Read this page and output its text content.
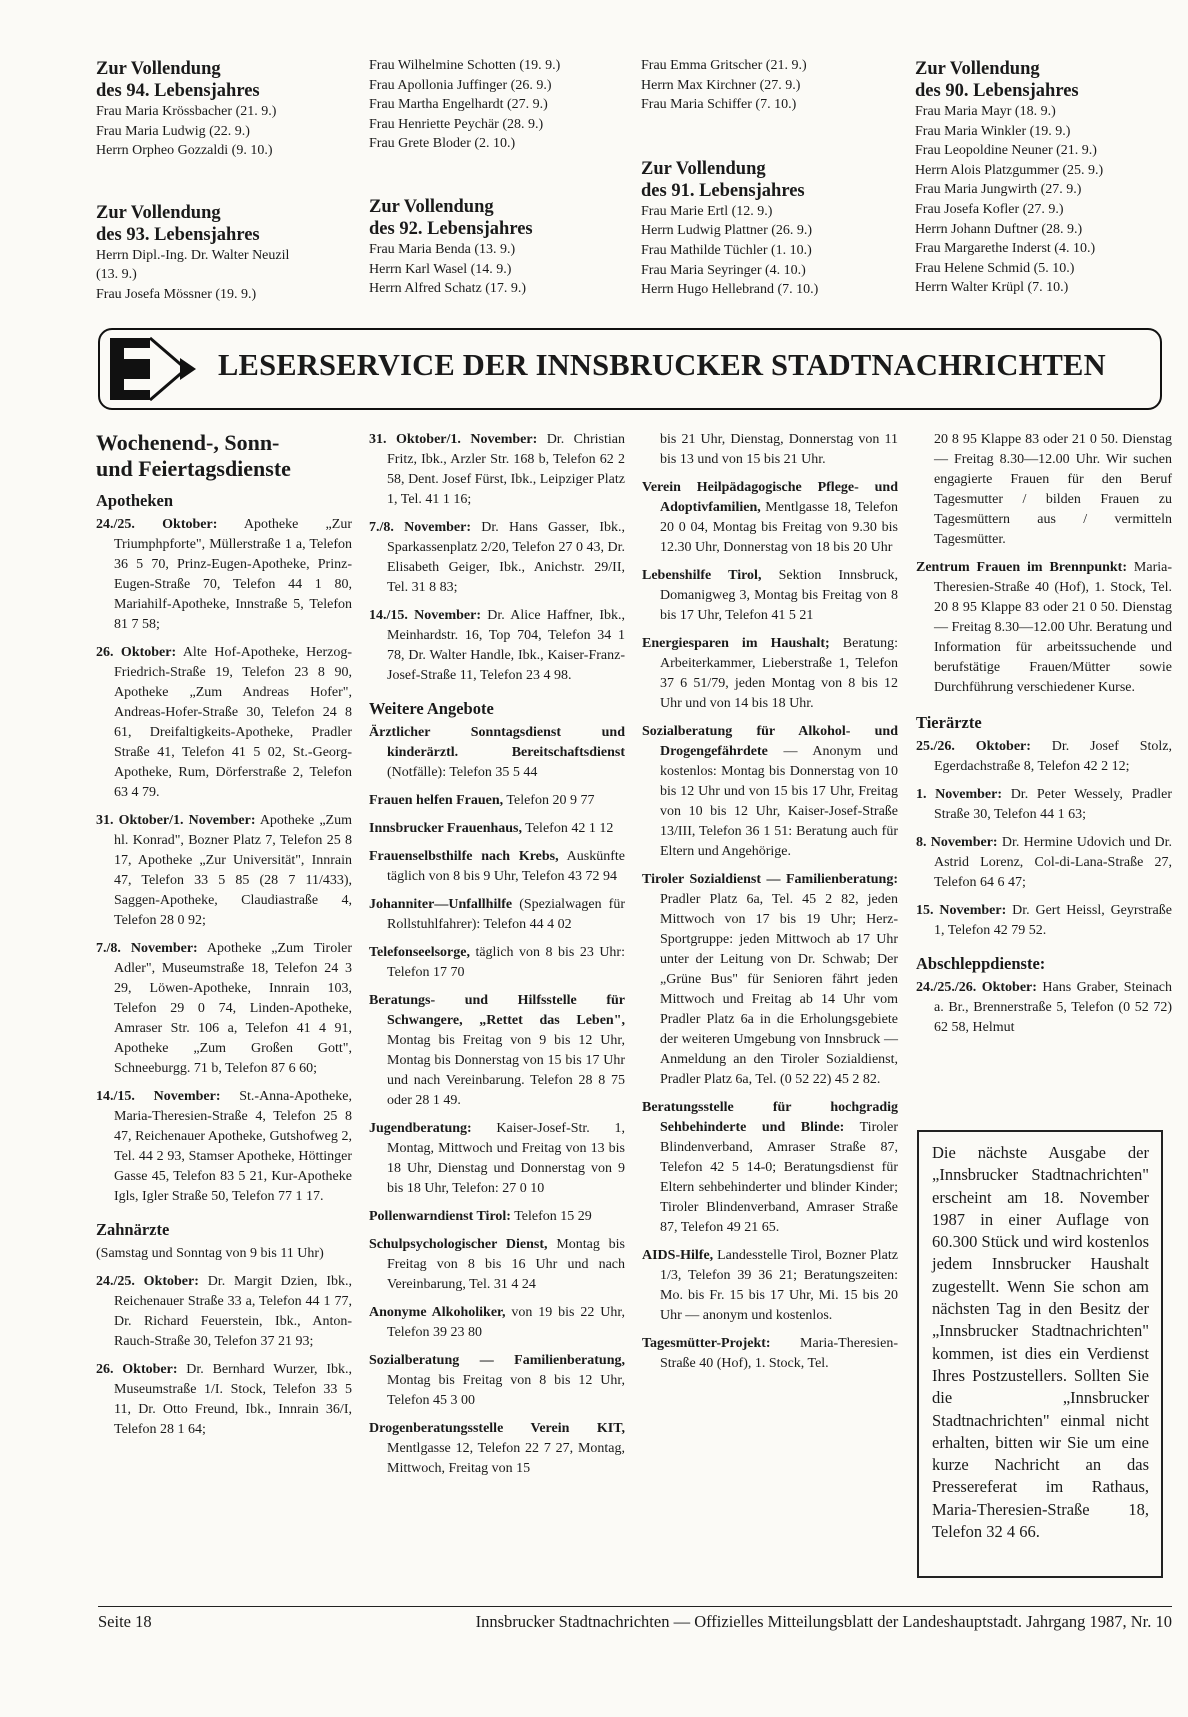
Zur Vollendung
des 94. Lebensjahres
Frau Maria Krössbacher (21. 9.)
Frau Maria Ludwig (22. 9.)
Herrn Orpheo Gozzaldi (9. 10.)
Zur Vollendung
des 93. Lebensjahres
Herrn Dipl.-Ing. Dr. Walter Neuzil
(13. 9.)
Frau Josefa Mössner (19. 9.)
Frau Wilhelmine Schotten (19. 9.)
Frau Apollonia Juffinger (26. 9.)
Frau Martha Engelhardt (27. 9.)
Frau Henriette Peychär (28. 9.)
Frau Grete Bloder (2. 10.)
Zur Vollendung
des 92. Lebensjahres
Frau Maria Benda (13. 9.)
Herrn Karl Wasel (14. 9.)
Herrn Alfred Schatz (17. 9.)
Frau Emma Gritscher (21. 9.)
Herrn Max Kirchner (27. 9.)
Frau Maria Schiffer (7. 10.)
Zur Vollendung
des 91. Lebensjahres
Frau Marie Ertl (12. 9.)
Herrn Ludwig Plattner (26. 9.)
Frau Mathilde Tüchler (1. 10.)
Frau Maria Seyringer (4. 10.)
Herrn Hugo Hellebrand (7. 10.)
Zur Vollendung
des 90. Lebensjahres
Frau Maria Mayr (18. 9.)
Frau Maria Winkler (19. 9.)
Frau Leopoldine Neuner (21. 9.)
Herrn Alois Platzgummer (25. 9.)
Frau Maria Jungwirth (27. 9.)
Frau Josefa Kofler (27. 9.)
Herrn Johann Duftner (28. 9.)
Frau Margarethe Inderst (4. 10.)
Frau Helene Schmid (5. 10.)
Herrn Walter Krüpl (7. 10.)
LESERSERVICE DER INNSBRUCKER STADTNACHRICHTEN
Wochenend-, Sonn-
und Feiertagsdienste
Apotheken

24./25. Oktober: Apotheke „Zur Triumphpforte", Müllerstraße 1 a, Telefon 36 5 70, Prinz-Eugen-Apotheke, Prinz-Eugen-Straße 70, Telefon 44 1 80, Mariahilf-Apotheke, Innstraße 5, Telefon 81 7 58;

26. Oktober: Alte Hof-Apotheke, Herzog-Friedrich-Straße 19, Telefon 23 8 90, Apotheke „Zum Andreas Hofer", Andreas-Hofer-Straße 30, Telefon 24 8 61, Dreifaltigkeits-Apotheke, Pradler Straße 41, Telefon 41 5 02, St.-Georg-Apotheke, Rum, Dörferstraße 2, Telefon 63 4 79.

31. Oktober/1. November: Apotheke „Zum hl. Konrad", Bozner Platz 7, Telefon 25 8 17, Apotheke „Zur Universität", Innrain 47, Telefon 33 5 85 (28 7 11/433), Saggen-Apotheke, Claudiastraße 4, Telefon 28 0 92;

7./8. November: Apotheke „Zum Tiroler Adler", Museumstraße 18, Telefon 24 3 29, Löwen-Apotheke, Innrain 103, Telefon 29 0 74, Linden-Apotheke, Amraser Str. 106 a, Telefon 41 4 91, Apotheke „Zum Großen Gott", Schneeburgg. 71 b, Telefon 87 6 60;

14./15. November: St.-Anna-Apotheke, Maria-Theresien-Straße 4, Telefon 25 8 47, Reichenauer Apotheke, Gutshofweg 2, Tel. 44 2 93, Stamser Apotheke, Höttinger Gasse 45, Telefon 83 5 21, Kur-Apotheke Igls, Igler Straße 50, Telefon 77 1 17.

Zahnärzte

(Samstag und Sonntag von 9 bis 11 Uhr)

24./25. Oktober: Dr. Margit Dzien, Ibk., Reichenauer Straße 33 a, Telefon 44 1 77, Dr. Richard Feuerstein, Ibk., Anton-Rauch-Straße 30, Telefon 37 21 93;

26. Oktober: Dr. Bernhard Wurzer, Ibk., Museumstraße 1/I. Stock, Telefon 33 5 11, Dr. Otto Freund, Ibk., Innrain 36/I, Telefon 28 1 64;

31. Oktober/1. November: Dr. Christian Fritz, Ibk., Arzler Str. 168 b, Telefon 62 2 58, Dent. Josef Fürst, Ibk., Leipziger Platz 1, Tel. 41 1 16;

7./8. November: Dr. Hans Gasser, Ibk., Sparkassenplatz 2/20, Telefon 27 0 43, Dr. Elisabeth Geiger, Ibk., Anichstr. 29/II, Tel. 31 8 83;

14./15. November: Dr. Alice Haffner, Ibk., Meinhardstr. 16, Top 704, Telefon 34 1 78, Dr. Walter Handle, Ibk., Kaiser-Franz-Josef-Straße 11, Telefon 23 4 98.

Weitere Angebote

Ärztlicher Sonntagsdienst und kinderärztl. Bereitschaftsdienst (Notfälle): Telefon 35 5 44

Frauen helfen Frauen, Telefon 20 9 77

Innsbrucker Frauenhaus, Telefon 42 1 12

Frauenselbsthilfe nach Krebs, Auskünfte täglich von 8 bis 9 Uhr, Telefon 43 72 94

Johanniter—Unfallhilfe (Spezialwagen für Rollstuhlfahrer): Telefon 44 4 02

Telefonseelsorge, täglich von 8 bis 23 Uhr: Telefon 17 70

Beratungs- und Hilfsstelle für Schwangere, „Rettet das Leben", Montag bis Freitag von 9 bis 12 Uhr, Montag bis Donnerstag von 15 bis 17 Uhr und nach Vereinbarung. Telefon 28 8 75 oder 28 1 49.

Jugendberatung: Kaiser-Josef-Str. 1, Montag, Mittwoch und Freitag von 13 bis 18 Uhr, Dienstag und Donnerstag von 9 bis 18 Uhr, Telefon: 27 0 10

Pollenwarndienst Tirol: Telefon 15 29

Schulpsychologischer Dienst, Montag bis Freitag von 8 bis 16 Uhr und nach Vereinbarung, Tel. 31 4 24

Anonyme Alkoholiker, von 19 bis 22 Uhr, Telefon 39 23 80

Sozialberatung — Familienberatung, Montag bis Freitag von 8 bis 12 Uhr, Telefon 45 3 00

Drogenberatungsstelle Verein KIT, Mentlgasse 12, Telefon 22 7 27, Montag, Mittwoch, Freitag von 15

bis 21 Uhr, Dienstag, Donnerstag von 11 bis 13 und von 15 bis 21 Uhr.

Verein Heilpädagogische Pflege- und Adoptivfamilien, Mentlgasse 18, Telefon 20 0 04, Montag bis Freitag von 9.30 bis 12.30 Uhr, Donnerstag von 18 bis 20 Uhr

Lebenshilfe Tirol, Sektion Innsbruck, Domanigweg 3, Montag bis Freitag von 8 bis 17 Uhr, Telefon 41 5 21

Energiesparen im Haushalt; Beratung: Arbeiterkammer, Lieberstraße 1, Telefon 37 6 51/79, jeden Montag von 8 bis 12 Uhr und von 14 bis 18 Uhr.

Sozialberatung für Alkohol- und Drogengefährdete — Anonym und kostenlos: Montag bis Donnerstag von 10 bis 12 Uhr und von 15 bis 17 Uhr, Freitag von 10 bis 12 Uhr, Kaiser-Josef-Straße 13/III, Telefon 36 1 51: Beratung auch für Eltern und Angehörige.

Tiroler Sozialdienst — Familienberatung: Pradler Platz 6a, Tel. 45 2 82, jeden Mittwoch von 17 bis 19 Uhr; Herz-Sportgruppe: jeden Mittwoch ab 17 Uhr unter der Leitung von Dr. Schwab; Der „Grüne Bus" für Senioren fährt jeden Mittwoch und Freitag ab 14 Uhr vom Pradler Platz 6a in die Erholungsgebiete der weiteren Umgebung von Innsbruck — Anmeldung an den Tiroler Sozialdienst, Pradler Platz 6a, Tel. (0 52 22) 45 2 82.

Beratungsstelle für hochgradig Sehbehinderte und Blinde: Tiroler Blindenverband, Amraser Straße 87, Telefon 42 5 14-0; Beratungsdienst für Eltern sehbehinderter und blinder Kinder; Tiroler Blindenverband, Amraser Straße 87, Telefon 49 21 65.

AIDS-Hilfe, Landesstelle Tirol, Bozner Platz 1/3, Telefon 39 36 21; Beratungszeiten: Mo. bis Fr. 15 bis 17 Uhr, Mi. 15 bis 20 Uhr — anonym und kostenlos.

Tagesmütter-Projekt: Maria-Theresien-Straße 40 (Hof), 1. Stock, Tel.

20 8 95 Klappe 83 oder 21 0 50. Dienstag — Freitag 8.30—12.00 Uhr. Wir suchen engagierte Frauen für den Beruf Tagesmutter / bilden Frauen zu Tagesmüttern aus / vermitteln Tagesmütter.

Zentrum Frauen im Brennpunkt: Maria-Theresien-Straße 40 (Hof), 1. Stock, Tel. 20 8 95 Klappe 83 oder 21 0 50. Dienstag — Freitag 8.30—12.00 Uhr. Beratung und Information für arbeitssuchende und berufstätige Frauen/Mütter sowie Durchführung verschiedener Kurse.

Tierärzte

25./26. Oktober: Dr. Josef Stolz, Egerdachstraße 8, Telefon 42 2 12;

1. November: Dr. Peter Wessely, Pradler Straße 30, Telefon 44 1 63;

8. November: Dr. Hermine Udovich und Dr. Astrid Lorenz, Col-di-Lana-Straße 27, Telefon 64 6 47;

15. November: Dr. Gert Heissl, Geyrstraße 1, Telefon 42 79 52.

Abschleppdienste:

24./25./26. Oktober: Hans Graber, Steinach a. Br., Brennerstraße 5, Telefon (0 52 72) 62 58, Helmut

Die nächste Ausgabe der „Innsbrucker Stadtnachrichten" erscheint am 18. November 1987 in einer Auflage von 60.300 Stück und wird kostenlos jedem Innsbrucker Haushalt zugestellt. Wenn Sie schon am nächsten Tag in den Besitz der „Innsbrucker Stadtnachrichten" kommen, ist dies ein Verdienst Ihres Postzustellers. Sollten Sie die „Innsbrucker Stadtnachrichten" einmal nicht erhalten, bitten wir Sie um eine kurze Nachricht an das Pressereferat im Rathaus, Maria-Theresien-Straße 18, Telefon 32 4 66.
Seite 18	Innsbrucker Stadtnachrichten — Offizielles Mitteilungsblatt der Landeshauptstadt. Jahrgang 1987, Nr. 10
